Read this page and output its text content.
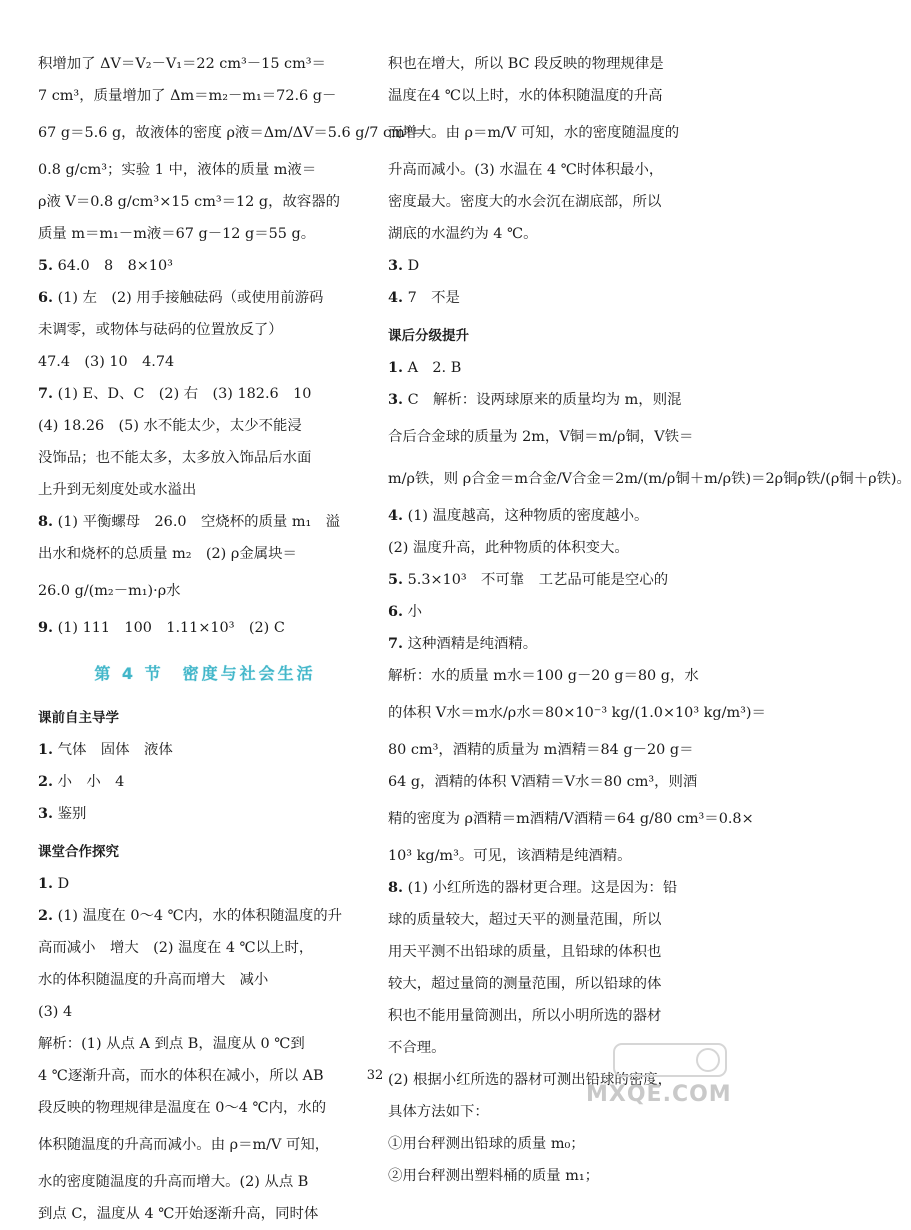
积增加了 ΔV＝V₂－V₁＝22 cm³－15 cm³＝

7 cm³，质量增加了 Δm＝m₂－m₁＝72.6 g－

67 g＝5.6 g，故液体的密度 ρ液＝Δm/ΔV＝5.6 g/7 cm³＝

0.8 g/cm³；实验 1 中，液体的质量 m液＝

ρ液 V＝0.8 g/cm³×15 cm³＝12 g，故容器的

质量 m＝m₁－m液＝67 g－12 g＝55 g。

5. 64.0　8　8×10³

6. (1) 左　(2) 用手接触砝码（或使用前游码

未调零，或物体与砝码的位置放反了）

47.4　(3) 10　4.74

7. (1) E、D、C　(2) 右　(3) 182.6　10

(4) 18.26　(5) 水不能太少，太少不能浸

没饰品；也不能太多，太多放入饰品后水面

上升到无刻度处或水溢出

8. (1) 平衡螺母　26.0　空烧杯的质量 m₁　溢

出水和烧杯的总质量 m₂　(2) ρ金属块＝

26.0 g/(m₂－m₁)·ρ水

9. (1) 111　100　1.11×10³　(2) C

第 4 节　密度与社会生活

课前自主导学

1. 气体　固体　液体

2. 小　小　4

3. 鉴别

课堂合作探究

1. D

2. (1) 温度在 0～4 ℃内，水的体积随温度的升

高而减小　增大　(2) 温度在 4 ℃以上时，

水的体积随温度的升高而增大　减小

(3) 4

解析：(1) 从点 A 到点 B，温度从 0 ℃到

4 ℃逐渐升高，而水的体积在减小，所以 AB

段反映的物理规律是温度在 0～4 ℃内，水的

体积随温度的升高而减小。由 ρ＝m/V 可知，

水的密度随温度的升高而增大。(2) 从点 B

到点 C，温度从 4 ℃开始逐渐升高，同时体

积也在增大，所以 BC 段反映的物理规律是

温度在4 ℃以上时，水的体积随温度的升高

而增大。由 ρ＝m/V 可知，水的密度随温度的

升高而减小。(3) 水温在 4 ℃时体积最小，

密度最大。密度大的水会沉在湖底部，所以

湖底的水温约为 4 ℃。

3. D

4. 7　不是

课后分级提升

1. A　2. B

3. C　解析：设两球原来的质量均为 m，则混

合后合金球的质量为 2m，V铜＝m/ρ铜，V铁＝

m/ρ铁，则 ρ合金＝m合金/V合金＝2m/(m/ρ铜＋m/ρ铁)＝2ρ铜ρ铁/(ρ铜＋ρ铁)。

4. (1) 温度越高，这种物质的密度越小。

(2) 温度升高，此种物质的体积变大。

5. 5.3×10³　不可靠　工艺品可能是空心的

6. 小

7. 这种酒精是纯酒精。

解析：水的质量 m水＝100 g－20 g＝80 g，水

的体积 V水＝m水/ρ水＝80×10⁻³ kg/(1.0×10³ kg/m³)＝

80 cm³，酒精的质量为 m酒精＝84 g－20 g＝

64 g，酒精的体积 V酒精＝V水＝80 cm³，则酒

精的密度为 ρ酒精＝m酒精/V酒精＝64 g/80 cm³＝0.8×

10³ kg/m³。可见，该酒精是纯酒精。

8. (1) 小红所选的器材更合理。这是因为：铅

球的质量较大，超过天平的测量范围，所以

用天平测不出铅球的质量，且铅球的体积也

较大，超过量筒的测量范围，所以铅球的体

积也不能用量筒测出，所以小明所选的器材

不合理。

(2) 根据小红所选的器材可测出铅球的密度，

具体方法如下：

①用台秤测出铅球的质量 m₀；

②用台秤测出塑料桶的质量 m₁；

32
MXQE.COM
